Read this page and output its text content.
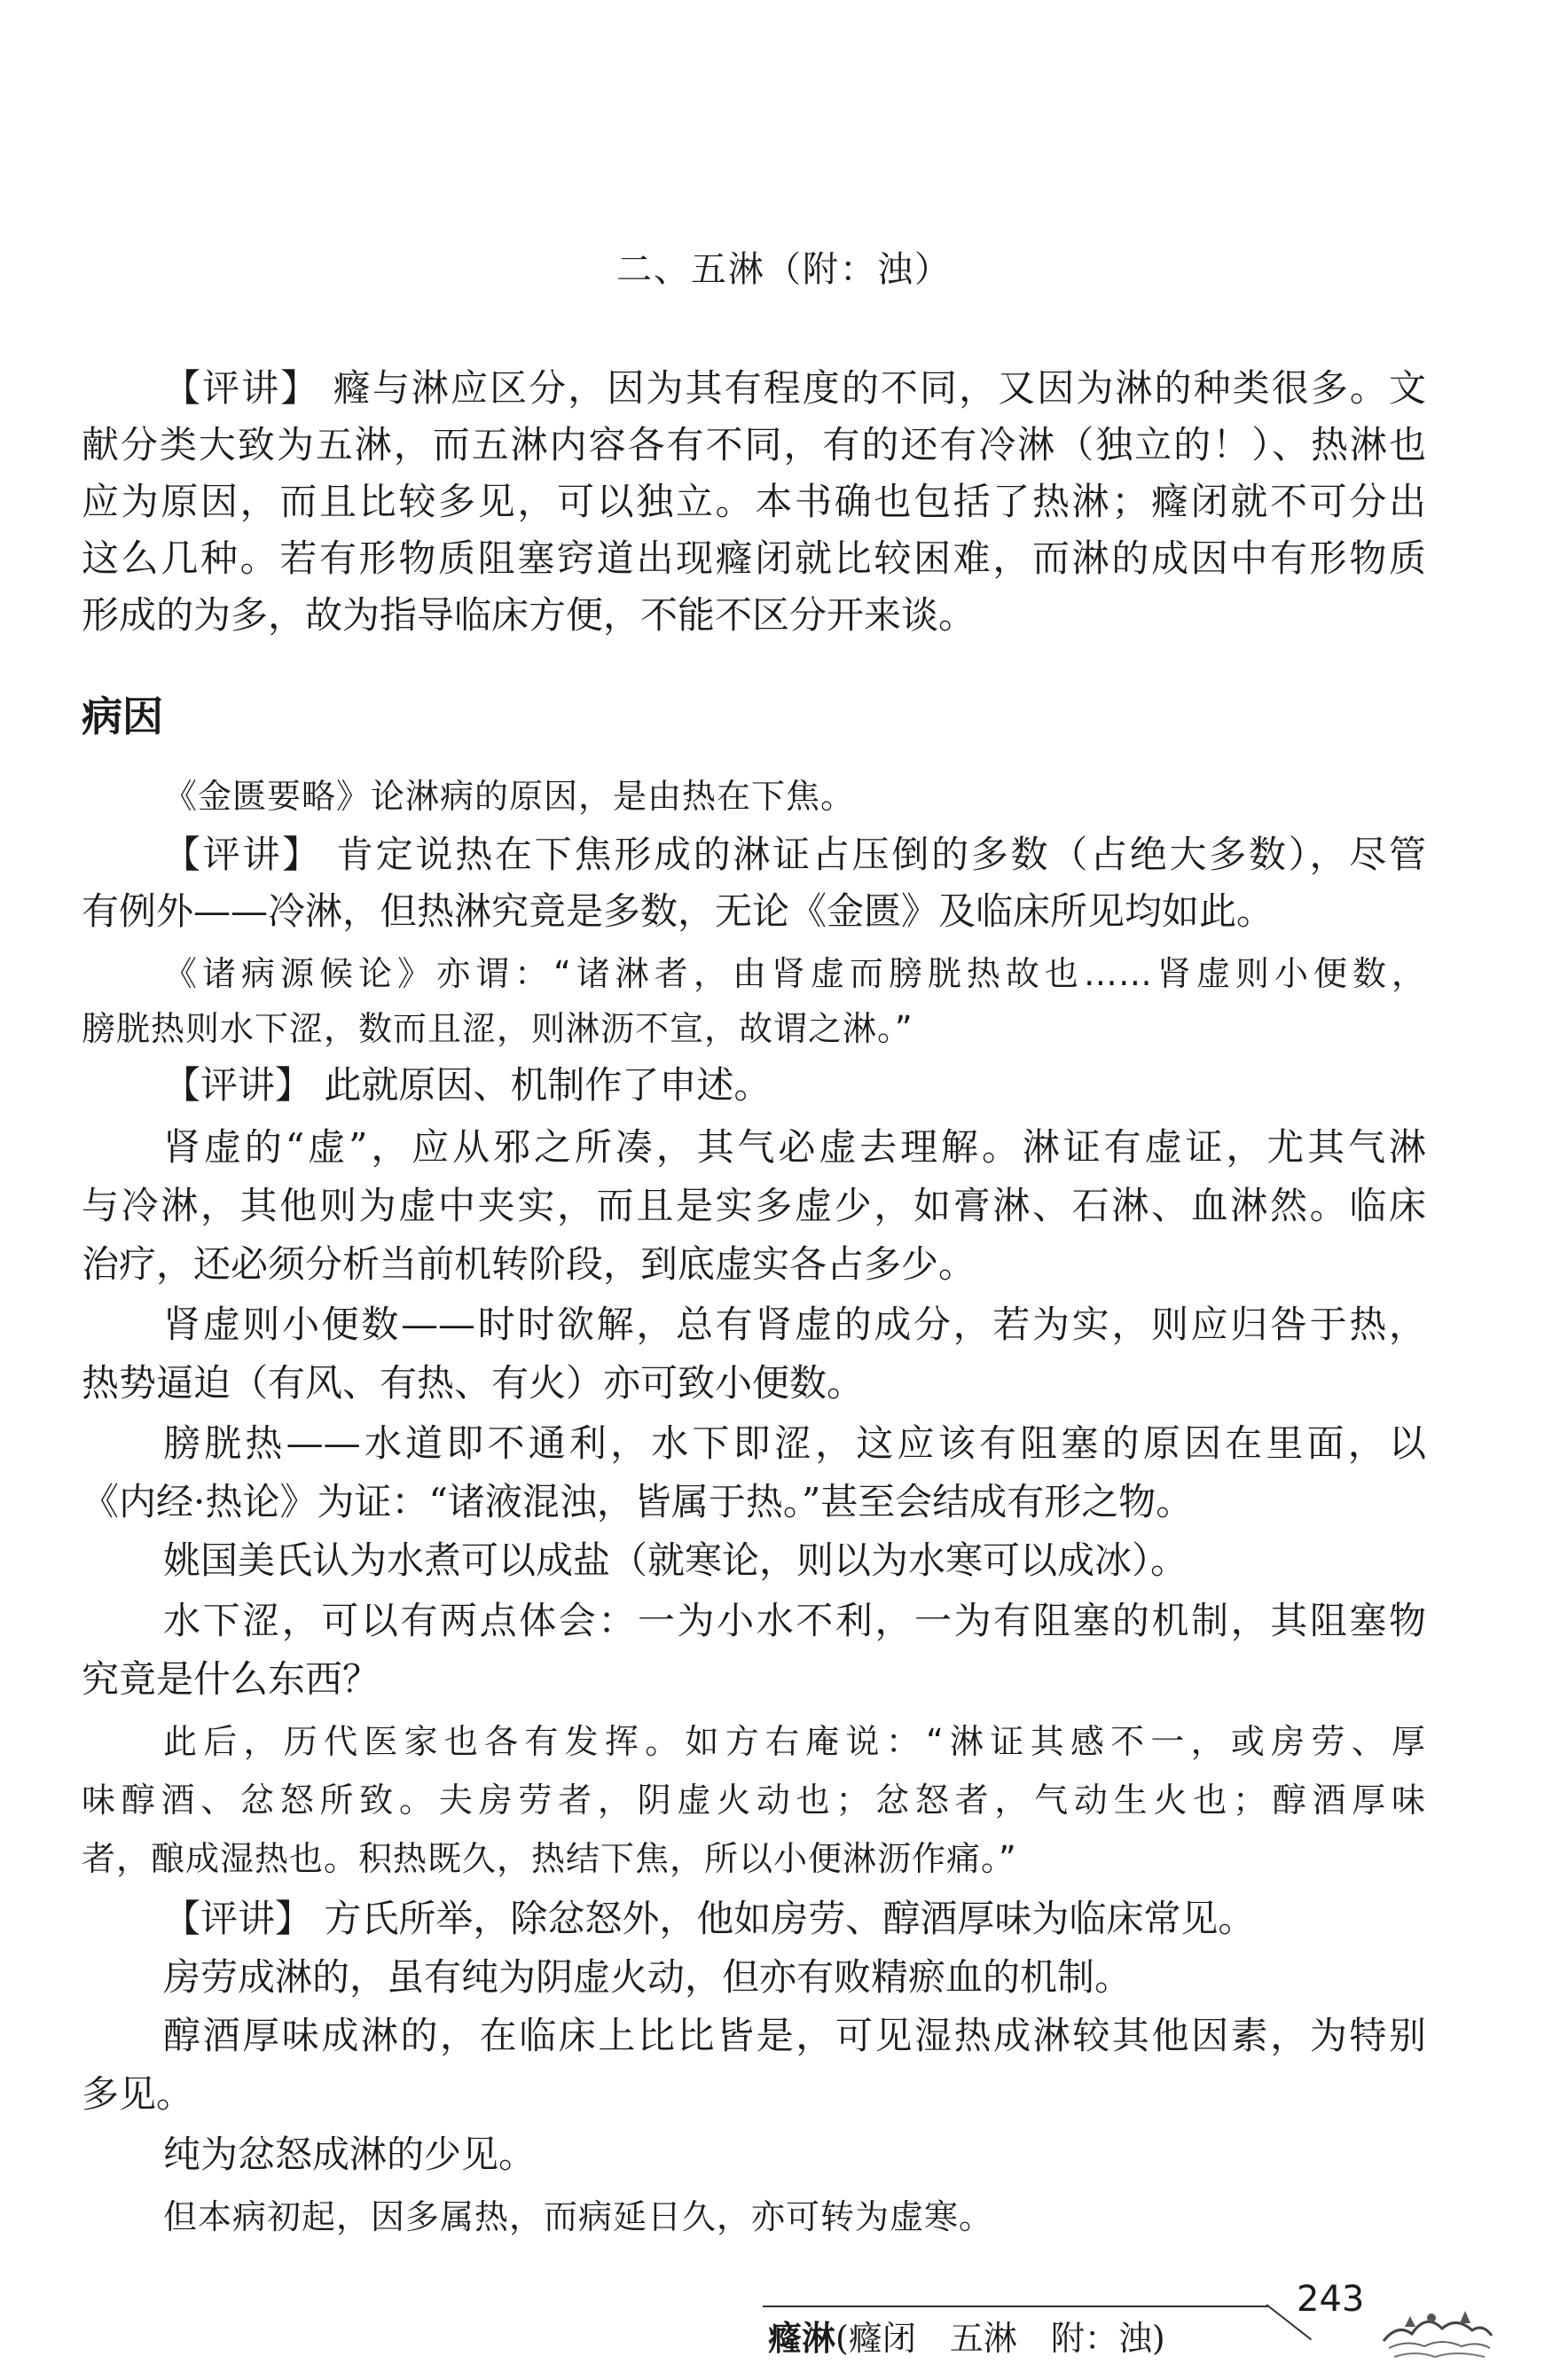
二、五淋（附：浊）
【评讲】 癃与淋应区分，因为其有程度的不同，又因为淋的种类很多。文
献分类大致为五淋，而五淋内容各有不同，有的还有冷淋（独立的！）、热淋也
应为原因，而且比较多见，可以独立。本书确也包括了热淋；癃闭就不可分出
这么几种。若有形物质阻塞窍道出现癃闭就比较困难，而淋的成因中有形物质
形成的为多，故为指导临床方便，不能不区分开来谈。
病因
《金匮要略》论淋病的原因，是由热在下焦。
【评讲】 肯定说热在下焦形成的淋证占压倒的多数（占绝大多数），尽管
有例外——冷淋，但热淋究竟是多数，无论《金匮》及临床所见均如此。
《诸病源候论》亦谓：“诸淋者，由肾虚而膀胱热故也……肾虚则小便数，
膀胱热则水下涩，数而且涩，则淋沥不宣，故谓之淋。”
【评讲】 此就原因、机制作了申述。
肾虚的“虚”，应从邪之所凑，其气必虚去理解。淋证有虚证，尤其气淋
与冷淋，其他则为虚中夹实，而且是实多虚少，如膏淋、石淋、血淋然。临床
治疗，还必须分析当前机转阶段，到底虚实各占多少。
肾虚则小便数——时时欲解，总有肾虚的成分，若为实，则应归咎于热，
热势逼迫（有风、有热、有火）亦可致小便数。
膀胱热——水道即不通利，水下即涩，这应该有阻塞的原因在里面，以
《内经·热论》为证：“诸液混浊，皆属于热。”甚至会结成有形之物。
姚国美氏认为水煮可以成盐（就寒论，则以为水寒可以成冰）。
水下涩，可以有两点体会：一为小水不利，一为有阻塞的机制，其阻塞物
究竟是什么东西？
此后，历代医家也各有发挥。如方右庵说：“淋证其感不一，或房劳、厚
味醇酒、忿怒所致。夫房劳者，阴虚火动也；忿怒者，气动生火也；醇酒厚味
者，酿成湿热也。积热既久，热结下焦，所以小便淋沥作痛。”
【评讲】 方氏所举，除忿怒外，他如房劳、醇酒厚味为临床常见。
房劳成淋的，虽有纯为阴虚火动，但亦有败精瘀血的机制。
醇酒厚味成淋的，在临床上比比皆是，可见湿热成淋较其他因素，为特别
多见。
纯为忿怒成淋的少见。
但本病初起，因多属热，而病延日久，亦可转为虚寒。
癃淋(癃闭　五淋　附：浊)
243
